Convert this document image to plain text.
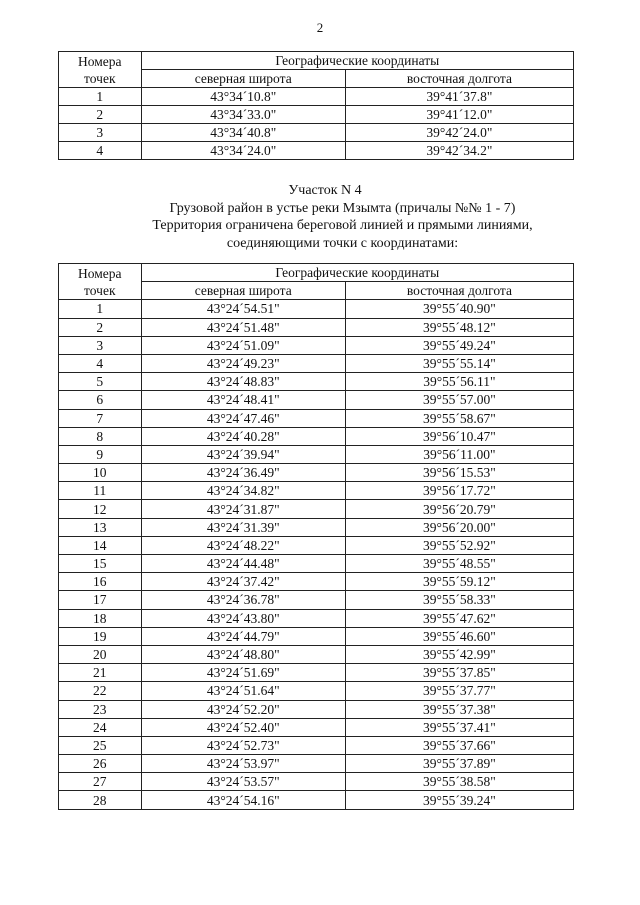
2
Номера
точек	Географические координаты	
	северная широта	восточная долгота
1	43°34´10.8"	39°41´37.8"
2	43°34´33.0"	39°41´12.0"
3	43°34´40.8"	39°42´24.0"
4	43°34´24.0"	39°42´34.2"
Участок N 4
Грузовой район в устье реки Мзымта (причалы №№ 1 - 7)
Территория ограничена береговой линией и прямыми линиями,
соединяющими точки с координатами:
Номера
точек	Географические координаты	
	северная широта	восточная долгота
1	43°24´54.51"	39°55´40.90"
2	43°24´51.48"	39°55´48.12"
3	43°24´51.09"	39°55´49.24"
4	43°24´49.23"	39°55´55.14"
5	43°24´48.83"	39°55´56.11"
6	43°24´48.41"	39°55´57.00"
7	43°24´47.46"	39°55´58.67"
8	43°24´40.28"	39°56´10.47"
9	43°24´39.94"	39°56´11.00"
10	43°24´36.49"	39°56´15.53"
11	43°24´34.82"	39°56´17.72"
12	43°24´31.87"	39°56´20.79"
13	43°24´31.39"	39°56´20.00"
14	43°24´48.22"	39°55´52.92"
15	43°24´44.48"	39°55´48.55"
16	43°24´37.42"	39°55´59.12"
17	43°24´36.78"	39°55´58.33"
18	43°24´43.80"	39°55´47.62"
19	43°24´44.79"	39°55´46.60"
20	43°24´48.80"	39°55´42.99"
21	43°24´51.69"	39°55´37.85"
22	43°24´51.64"	39°55´37.77"
23	43°24´52.20"	39°55´37.38"
24	43°24´52.40"	39°55´37.41"
25	43°24´52.73"	39°55´37.66"
26	43°24´53.97"	39°55´37.89"
27	43°24´53.57"	39°55´38.58"
28	43°24´54.16"	39°55´39.24"
